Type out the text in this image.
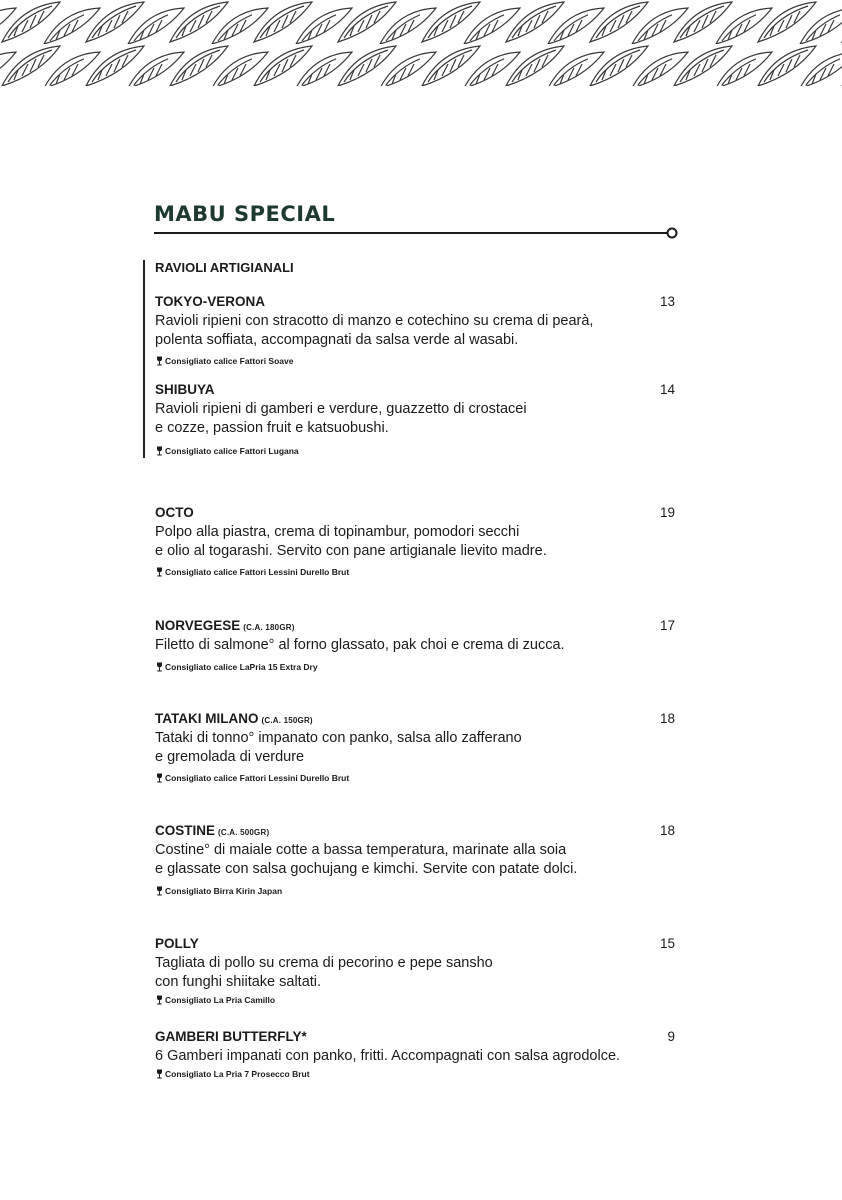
MABU SPECIAL
RAVIOLI ARTIGIANALI
TOKYO-VERONA	13
Ravioli ripieni con stracotto di manzo e cotechino su crema di pearà,
polenta soffiata, accompagnati da salsa verde al wasabi.
Consigliato calice Fattori Soave
SHIBUYA	14
Ravioli ripieni di gamberi e verdure, guazzetto di crostacei
e cozze, passion fruit e katsuobushi.
Consigliato calice Fattori Lugana
OCTO	19
Polpo alla piastra, crema di topinambur, pomodori secchi
e olio al togarashi. Servito con pane artigianale lievito madre.
Consigliato calice Fattori Lessini Durello Brut
NORVEGESE (C.A. 180GR)	17
Filetto di salmone° al forno glassato, pak choi e crema di zucca.
Consigliato calice LaPria 15 Extra Dry
TATAKI MILANO (C.A. 150GR)	18
Tataki di tonno° impanato con panko, salsa allo zafferano
e gremolada di verdure
Consigliato calice Fattori Lessini Durello Brut
COSTINE (C.A. 500GR)	18
Costine° di maiale cotte a bassa temperatura, marinate alla soia
e glassate con salsa gochujang e kimchi. Servite con patate dolci.
Consigliato Birra Kirin Japan
POLLY	15
Tagliata di pollo su crema di pecorino e pepe sansho
con funghi shiitake saltati.
Consigliato La Pria Camillo
GAMBERI BUTTERFLY*	9
6 Gamberi impanati con panko, fritti. Accompagnati con salsa agrodolce.
Consigliato La Pria 7 Prosecco Brut
